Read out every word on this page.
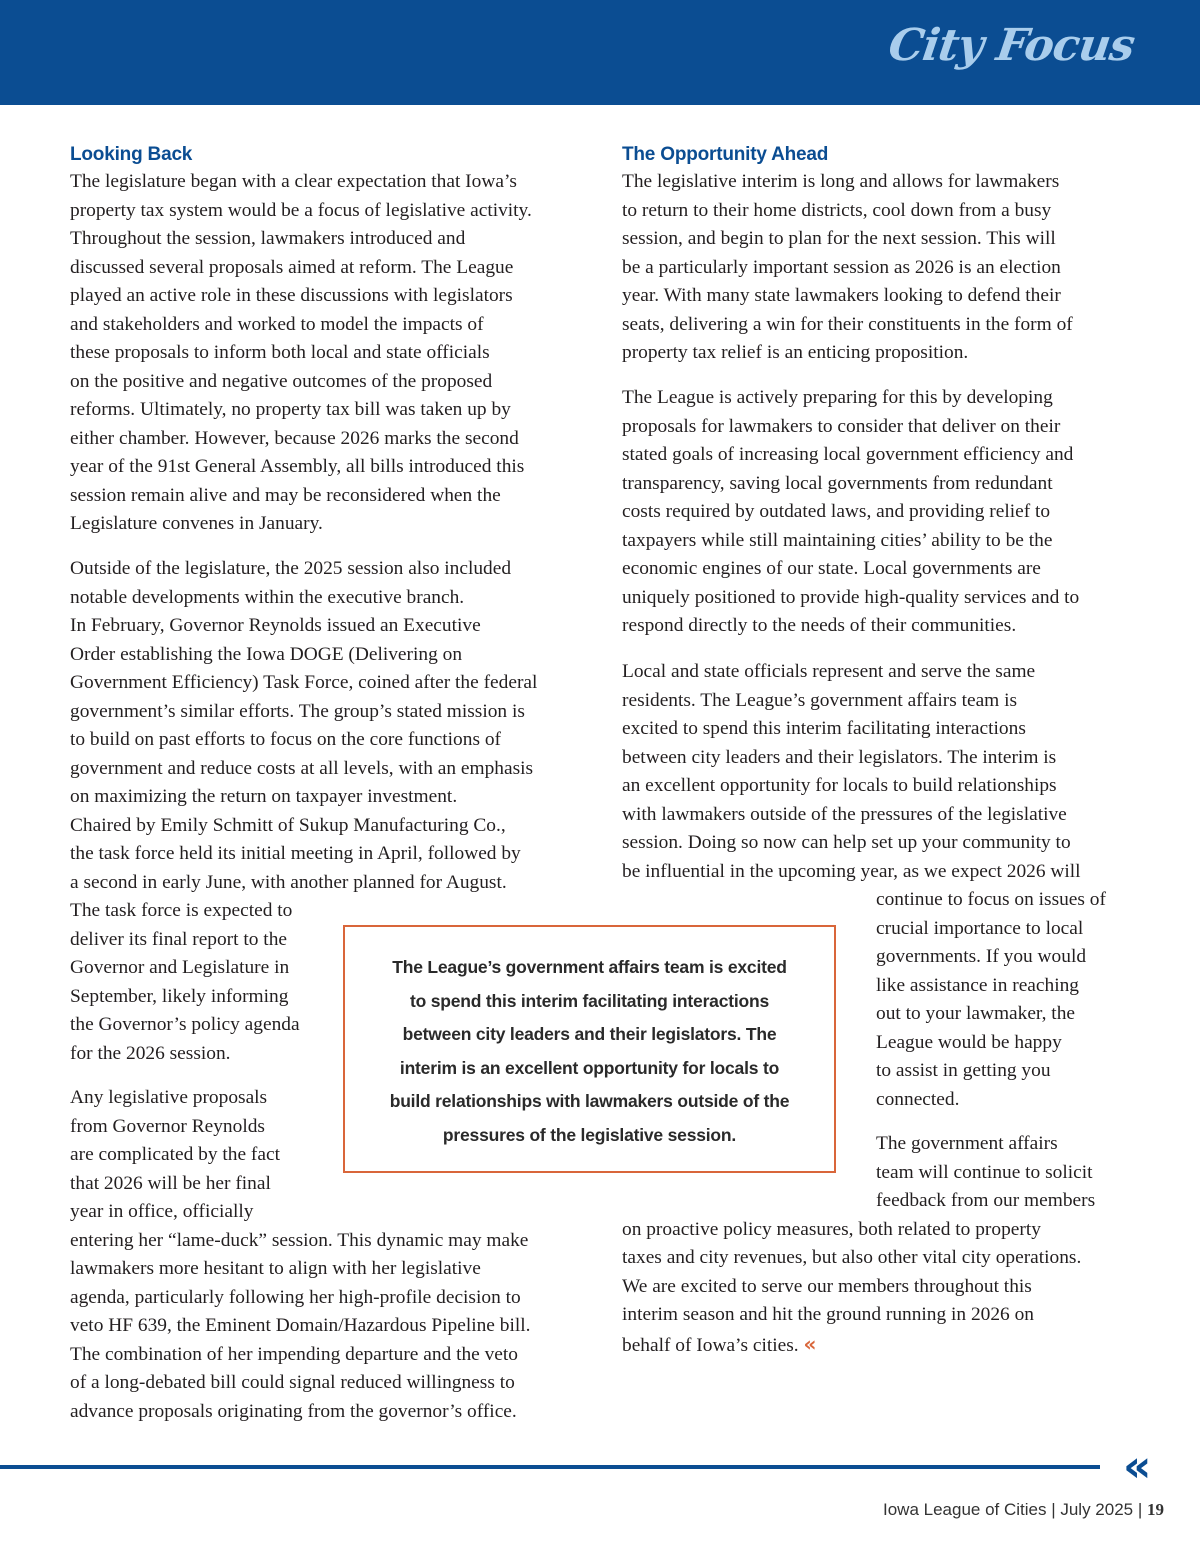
City Focus
Looking Back

The legislature began with a clear expectation that Iowa’s
property tax system would be a focus of legislative activity.
Throughout the session, lawmakers introduced and
discussed several proposals aimed at reform. The League
played an active role in these discussions with legislators
and stakeholders and worked to model the impacts of
these proposals to inform both local and state officials
on the positive and negative outcomes of the proposed
reforms. Ultimately, no property tax bill was taken up by
either chamber. However, because 2026 marks the second
year of the 91st General Assembly, all bills introduced this
session remain alive and may be reconsidered when the
Legislature convenes in January.

Outside of the legislature, the 2025 session also included
notable developments within the executive branch.
In February, Governor Reynolds issued an Executive
Order establishing the Iowa DOGE (Delivering on
Government Efficiency) Task Force, coined after the federal
government’s similar efforts. The group’s stated mission is
to build on past efforts to focus on the core functions of
government and reduce costs at all levels, with an emphasis
on maximizing the return on taxpayer investment.
Chaired by Emily Schmitt of Sukup Manufacturing Co.,
the task force held its initial meeting in April, followed by
a second in early June, with another planned for August.
The task force is expected to
deliver its final report to the
Governor and Legislature in
September, likely informing
the Governor’s policy agenda
for the 2026 session.

Any legislative proposals
from Governor Reynolds
are complicated by the fact
that 2026 will be her final
year in office, officially
entering her “lame-duck” session. This dynamic may make
lawmakers more hesitant to align with her legislative
agenda, particularly following her high-profile decision to
veto HF 639, the Eminent Domain/Hazardous Pipeline bill.
The combination of her impending departure and the veto
of a long-debated bill could signal reduced willingness to
advance proposals originating from the governor’s office.

The Opportunity Ahead

The legislative interim is long and allows for lawmakers
to return to their home districts, cool down from a busy
session, and begin to plan for the next session. This will
be a particularly important session as 2026 is an election
year. With many state lawmakers looking to defend their
seats, delivering a win for their constituents in the form of
property tax relief is an enticing proposition.

The League is actively preparing for this by developing
proposals for lawmakers to consider that deliver on their
stated goals of increasing local government efficiency and
transparency, saving local governments from redundant
costs required by outdated laws, and providing relief to
taxpayers while still maintaining cities’ ability to be the
economic engines of our state. Local governments are
uniquely positioned to provide high-quality services and to
respond directly to the needs of their communities.

Local and state officials represent and serve the same
residents. The League’s government affairs team is
excited to spend this interim facilitating interactions
between city leaders and their legislators. The interim is
an excellent opportunity for locals to build relationships
with lawmakers outside of the pressures of the legislative
session. Doing so now can help set up your community to
be influential in the upcoming year, as we expect 2026 will
continue to focus on issues of
crucial importance to local
governments. If you would
like assistance in reaching
out to your lawmaker, the
League would be happy
to assist in getting you
connected.

The government affairs
team will continue to solicit
feedback from our members
on proactive policy measures, both related to property
taxes and city revenues, but also other vital city operations.
We are excited to serve our members throughout this
interim season and hit the ground running in 2026 on
behalf of Iowa’s cities. «

The League’s government affairs team is excited
to spend this interim facilitating interactions
between city leaders and their legislators. The
interim is an excellent opportunity for locals to
build relationships with lawmakers outside of the
pressures of the legislative session.
«
Iowa League of Cities | July 2025 | 19
